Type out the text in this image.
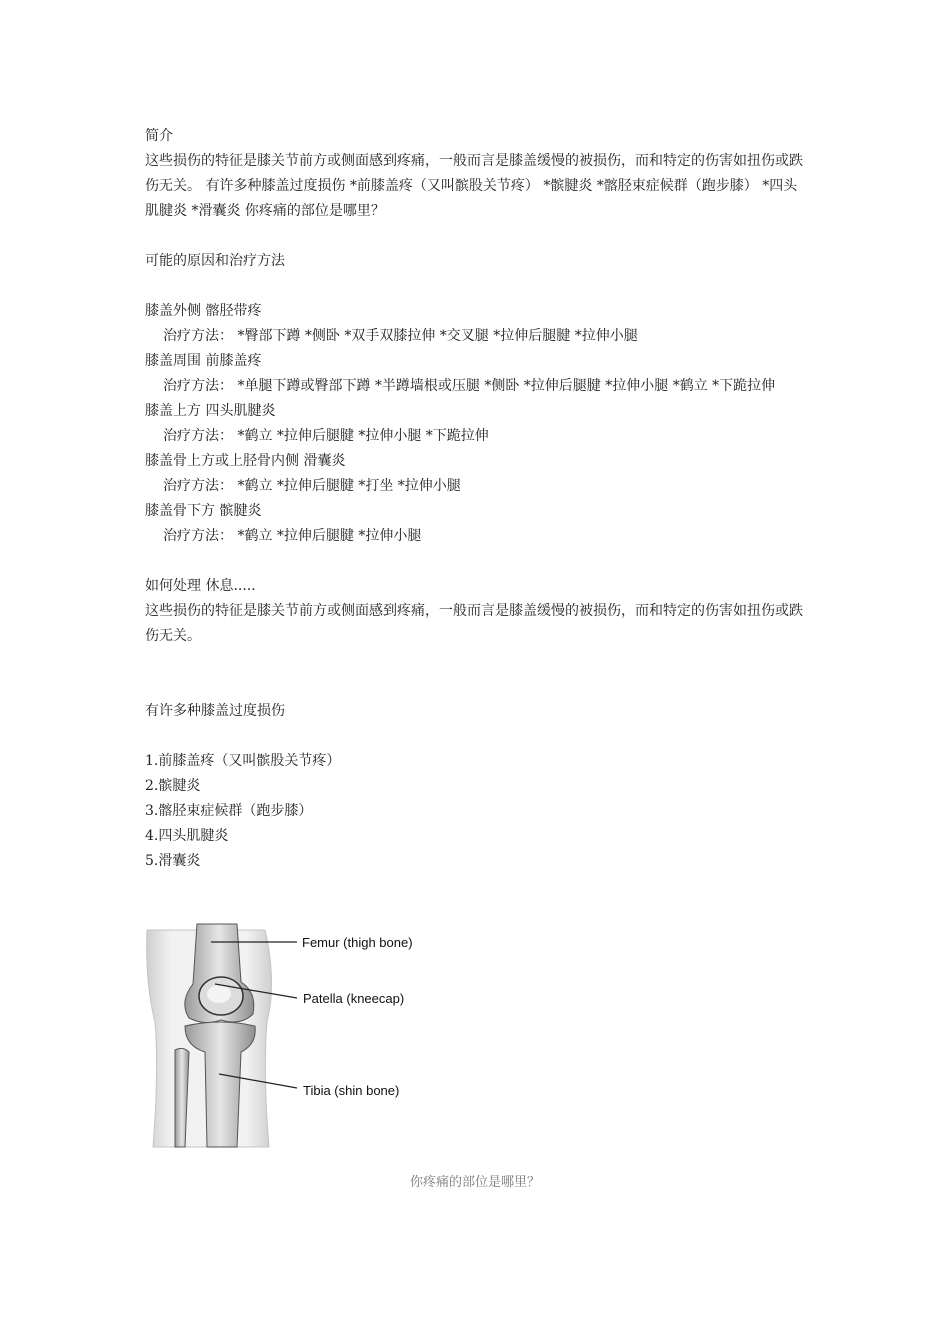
简介
这些损伤的特征是膝关节前方或侧面感到疼痛，一般而言是膝盖缓慢的被损伤，而和特定的伤害如扭伤或跌伤无关。 有许多种膝盖过度损伤 *前膝盖疼（又叫髌股关节疼） *髌腱炎 *髂胫束症候群（跑步膝） *四头肌腱炎 *滑囊炎 你疼痛的部位是哪里？
可能的原因和治疗方法
膝盖外侧 髂胫带疼
治疗方法： *臀部下蹲 *侧卧 *双手双膝拉伸 *交叉腿 *拉伸后腿腱 *拉伸小腿
膝盖周围 前膝盖疼
治疗方法： *单腿下蹲或臀部下蹲 *半蹲墙根或压腿 *侧卧 *拉伸后腿腱 *拉伸小腿 *鹤立 *下跪拉伸
膝盖上方 四头肌腱炎
治疗方法： *鹤立 *拉伸后腿腱 *拉伸小腿 *下跪拉伸
膝盖骨上方或上胫骨内侧 滑囊炎
治疗方法： *鹤立 *拉伸后腿腱 *打坐 *拉伸小腿
膝盖骨下方 髌腱炎
治疗方法： *鹤立 *拉伸后腿腱 *拉伸小腿
如何处理 休息.....
这些损伤的特征是膝关节前方或侧面感到疼痛，一般而言是膝盖缓慢的被损伤，而和特定的伤害如扭伤或跌伤无关。
有许多种膝盖过度损伤
1.前膝盖疼（又叫髌股关节疼）
2.髌腱炎
3.髂胫束症候群（跑步膝）
4.四头肌腱炎
5.滑囊炎
Femur (thigh bone)
Patella (kneecap)
Tibia (shin bone)
你疼痛的部位是哪里？
